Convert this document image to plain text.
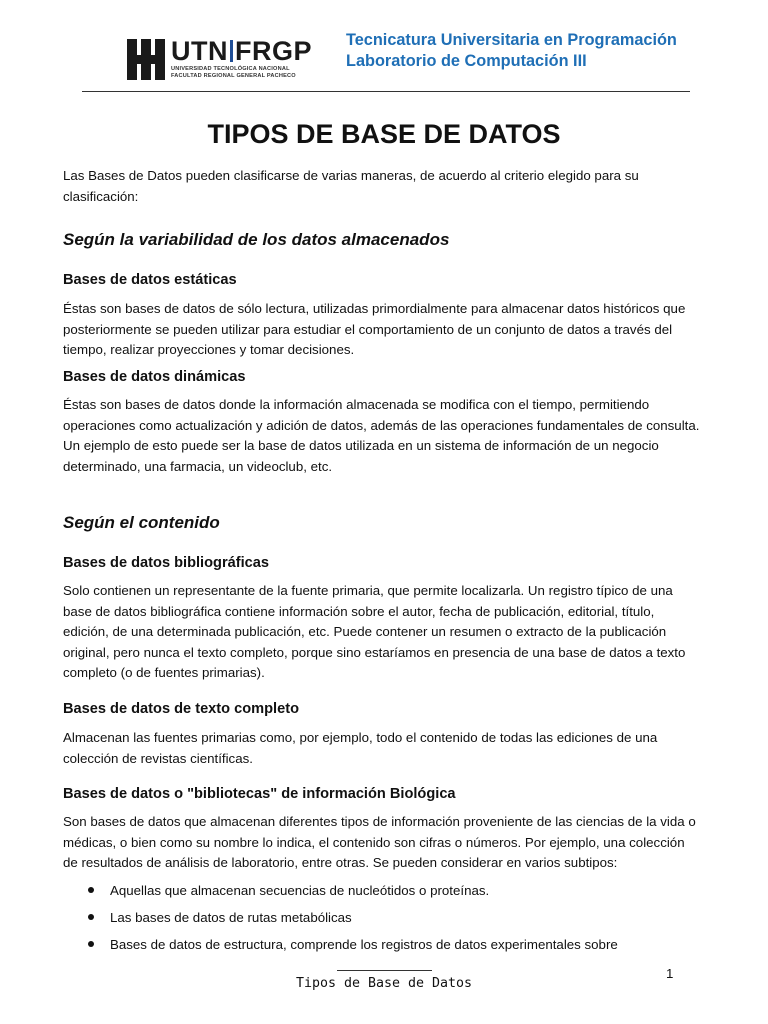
UTN FRGP
UNIVERSIDAD TECNOLÓGICA NACIONAL
FACULTAD REGIONAL GENERAL PACHECO
Tecnicatura Universitaria en Programación
Laboratorio de Computación III
TIPOS DE BASE DE DATOS
Las Bases de Datos pueden clasificarse de varias maneras, de acuerdo al criterio elegido para su clasificación:
Según la variabilidad de los datos almacenados
Bases de datos estáticas
Éstas son bases de datos de sólo lectura, utilizadas primordialmente para almacenar datos históricos que posteriormente se pueden utilizar para estudiar el comportamiento de un conjunto de datos a través del tiempo, realizar proyecciones y tomar decisiones.
Bases de datos dinámicas
Éstas son bases de datos donde la información almacenada se modifica con el tiempo, permitiendo operaciones como actualización y adición de datos, además de las operaciones fundamentales de consulta. Un ejemplo de esto puede ser la base de datos utilizada en un sistema de información de un negocio determinado, una farmacia, un videoclub, etc.
Según el contenido
Bases de datos bibliográficas
Solo contienen un representante de la fuente primaria, que permite localizarla. Un registro típico de una base de datos bibliográfica contiene información sobre el autor, fecha de publicación, editorial, título, edición, de una determinada publicación, etc. Puede contener un resumen o extracto de la publicación original, pero nunca el texto completo, porque sino estaríamos en presencia de una base de datos a texto completo (o de fuentes primarias).
Bases de datos de texto completo
Almacenan las fuentes primarias como, por ejemplo, todo el contenido de todas las ediciones de una colección de revistas científicas.
Bases de datos o "bibliotecas" de información Biológica
Son bases de datos que almacenan diferentes tipos de información proveniente de las ciencias de la vida o médicas, o bien como su nombre lo indica, el contenido son cifras o números. Por ejemplo, una colección de resultados de análisis de laboratorio, entre otras. Se pueden considerar en varios subtipos:
Aquellas que almacenan secuencias de nucleótidos o proteínas.
Las bases de datos de rutas metabólicas
Bases de datos de estructura, comprende los registros de datos experimentales sobre
Tipos de Base de Datos
1
